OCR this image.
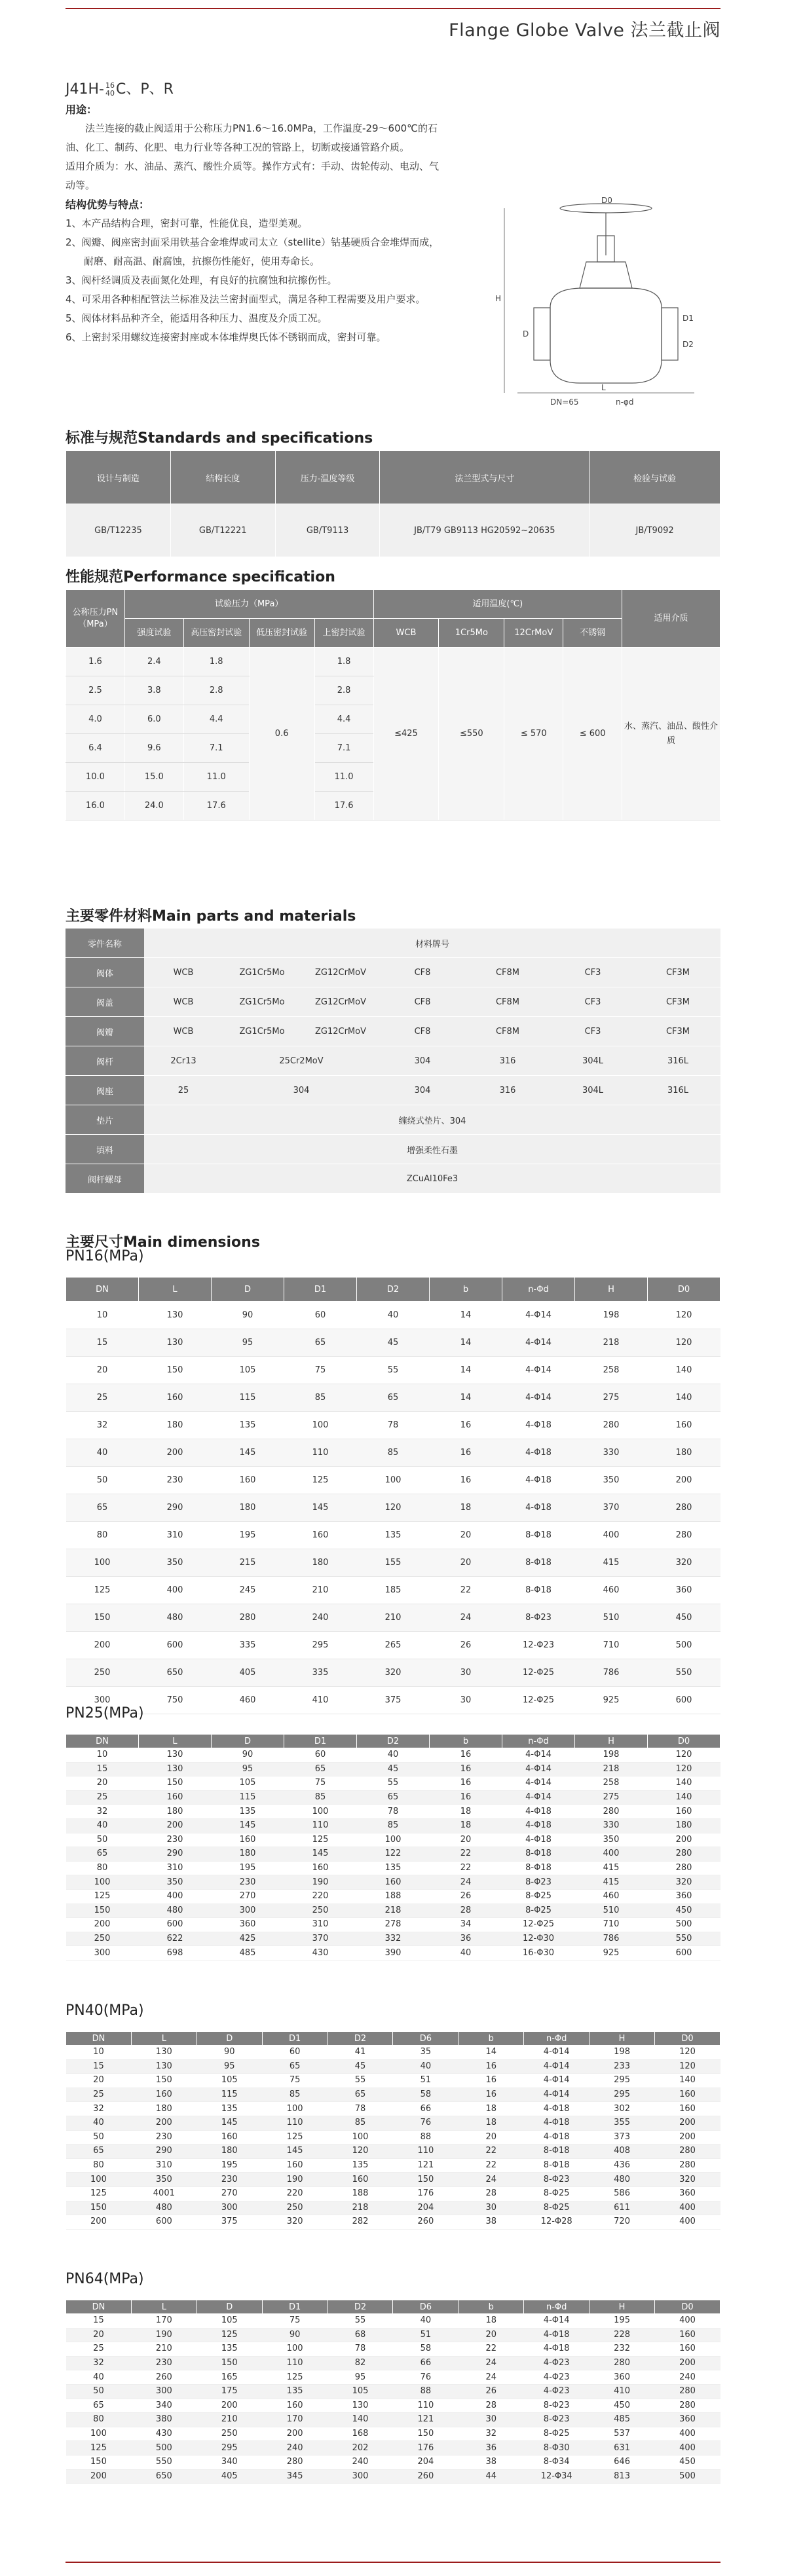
Flange Globe Valve 法兰截止阀
J41H- 16
40 C、P、R
用途：

法兰连接的截止阀适用于公称压力PN1.6～16.0MPa，工作温度-29～600℃的石油、化工、制药、化肥、电力行业等各种工况的管路上，切断或接通管路介质。

适用介质为：水、油品、蒸汽、酸性介质等。操作方式有：手动、齿轮传动、电动、气动等。

结构优势与特点：
1、本产品结构合理，密封可靠，性能优良，造型美观。
2、阀瓣、阀座密封面采用铁基合金堆焊或司太立（stellite）钴基硬质合金堆焊而成，耐磨、耐高温、耐腐蚀，抗擦伤性能好，使用寿命长。
3、阀杆经调质及表面氮化处理，有良好的抗腐蚀和抗擦伤性。
4、可采用各种相配管法兰标准及法兰密封面型式，满足各种工程需要及用户要求。
5、阀体材料品种齐全，能适用各种压力、温度及介质工况。
6、上密封采用螺纹连接密封座或本体堆焊奥氏体不锈钢而成，密封可靠。
D0
H
D
D1
D2
DN=65	n-φd
L
标准与规范Standards and specifications
设计与制造	结构长度	压力-温度等级	法兰型式与尺寸	检验与试验
GB/T12235	GB/T12221	GB/T9113	JB/T79 GB9113 HG20592~20635	JB/T9092
性能规范Performance specification
公称压力PN（MPa）	试验压力（MPa）				适用温度(℃)				适用介质
	强度试验	高压密封试验	低压密封试验	上密封试验	WCB	1Cr5Mo	12CrMoV	不锈钢	
1.6	2.4	1.8	0.6	1.8	≤425	≤550	≤ 570	≤ 600	水、蒸汽、油品、酸性介质
2.5	3.8	2.8		2.8					
4.0	6.0	4.4		4.4					
6.4	9.6	7.1		7.1					
10.0	15.0	11.0		11.0					
16.0	24.0	17.6		17.6					
主要零件材料Main parts and materials
零件名称	材料牌号						
阀体	WCB	ZG1Cr5Mo	ZG12CrMoV	CF8	CF8M	CF3	CF3M
阀盖	WCB	ZG1Cr5Mo	ZG12CrMoV	CF8	CF8M	CF3	CF3M
阀瓣	WCB	ZG1Cr5Mo	ZG12CrMoV	CF8	CF8M	CF3	CF3M
阀杆	2Cr13	25Cr2MoV		304	316	304L	316L
阀座	25	304		304	316	304L	316L
垫片	缠绕式垫片、304						
填料	增强柔性石墨						
阀杆螺母	ZCuAl10Fe3						
主要尺寸Main dimensions
PN16(MPa)
DN	L	D	D1	D2	b	n-Φd	H	D0
10	130	90	60	40	14	4-Φ14	198	120
15	130	95	65	45	14	4-Φ14	218	120
20	150	105	75	55	14	4-Φ14	258	140
25	160	115	85	65	14	4-Φ14	275	140
32	180	135	100	78	16	4-Φ18	280	160
40	200	145	110	85	16	4-Φ18	330	180
50	230	160	125	100	16	4-Φ18	350	200
65	290	180	145	120	18	4-Φ18	370	280
80	310	195	160	135	20	8-Φ18	400	280
100	350	215	180	155	20	8-Φ18	415	320
125	400	245	210	185	22	8-Φ18	460	360
150	480	280	240	210	24	8-Φ23	510	450
200	600	335	295	265	26	12-Φ23	710	500
250	650	405	335	320	30	12-Φ25	786	550
300	750	460	410	375	30	12-Φ25	925	600
PN25(MPa)
DN	L	D	D1	D2	b	n-Φd	H	D0
10	130	90	60	40	16	4-Φ14	198	120
15	130	95	65	45	16	4-Φ14	218	120
20	150	105	75	55	16	4-Φ14	258	140
25	160	115	85	65	16	4-Φ14	275	140
32	180	135	100	78	18	4-Φ18	280	160
40	200	145	110	85	18	4-Φ18	330	180
50	230	160	125	100	20	4-Φ18	350	200
65	290	180	145	122	22	8-Φ18	400	280
80	310	195	160	135	22	8-Φ18	415	280
100	350	230	190	160	24	8-Φ23	415	320
125	400	270	220	188	26	8-Φ25	460	360
150	480	300	250	218	28	8-Φ25	510	450
200	600	360	310	278	34	12-Φ25	710	500
250	622	425	370	332	36	12-Φ30	786	550
300	698	485	430	390	40	16-Φ30	925	600
PN40(MPa)
DN	L	D	D1	D2	D6	b	n-Φd	H	D0
10	130	90	60	41	35	14	4-Φ14	198	120
15	130	95	65	45	40	16	4-Φ14	233	120
20	150	105	75	55	51	16	4-Φ14	295	140
25	160	115	85	65	58	16	4-Φ14	295	160
32	180	135	100	78	66	18	4-Φ18	302	160
40	200	145	110	85	76	18	4-Φ18	355	200
50	230	160	125	100	88	20	4-Φ18	373	200
65	290	180	145	120	110	22	8-Φ18	408	280
80	310	195	160	135	121	22	8-Φ18	436	280
100	350	230	190	160	150	24	8-Φ23	480	320
125	4001	270	220	188	176	28	8-Φ25	586	360
150	480	300	250	218	204	30	8-Φ25	611	400
200	600	375	320	282	260	38	12-Φ28	720	400
PN64(MPa)
DN	L	D	D1	D2	D6	b	n-Φd	H	D0
15	170	105	75	55	40	18	4-Φ14	195	400
20	190	125	90	68	51	20	4-Φ18	228	160
25	210	135	100	78	58	22	4-Φ18	232	160
32	230	150	110	82	66	24	4-Φ23	280	200
40	260	165	125	95	76	24	4-Φ23	360	240
50	300	175	135	105	88	26	4-Φ23	410	280
65	340	200	160	130	110	28	8-Φ23	450	280
80	380	210	170	140	121	30	8-Φ23	485	360
100	430	250	200	168	150	32	8-Φ25	537	400
125	500	295	240	202	176	36	8-Φ30	631	400
150	550	340	280	240	204	38	8-Φ34	646	450
200	650	405	345	300	260	44	12-Φ34	813	500
